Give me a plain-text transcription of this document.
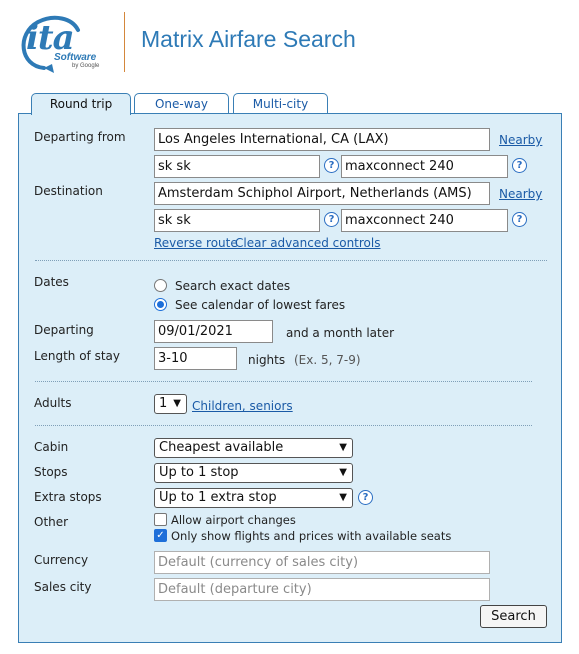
ita
Software
by Google
Matrix Airfare Search
Round trip	One-way	Multi-city
Departing from	Los Angeles International, CA (LAX)	Nearby
sk sk	? maxconnect 240	?
Destination	Amsterdam Schiphol Airport, Netherlands (AMS)	Nearby
sk sk	? maxconnect 240	?
Reverse route
Clear advanced controls
Dates	Search exact dates
See calendar of lowest fares
Departing	09/01/2021	and a month later
Length of stay	3-10	nights (Ex. 5, 7-9)
Adults	1 ▼ Children, seniors
Cabin	Cheapest available	▼
Stops	Up to 1 stop	▼
Extra stops	Up to 1 extra stop	▼	?
Other	Allow airport changes
✓ Only show flights and prices with available seats
Currency	Default (currency of sales city)
Sales city	Default (departure city)
Search
